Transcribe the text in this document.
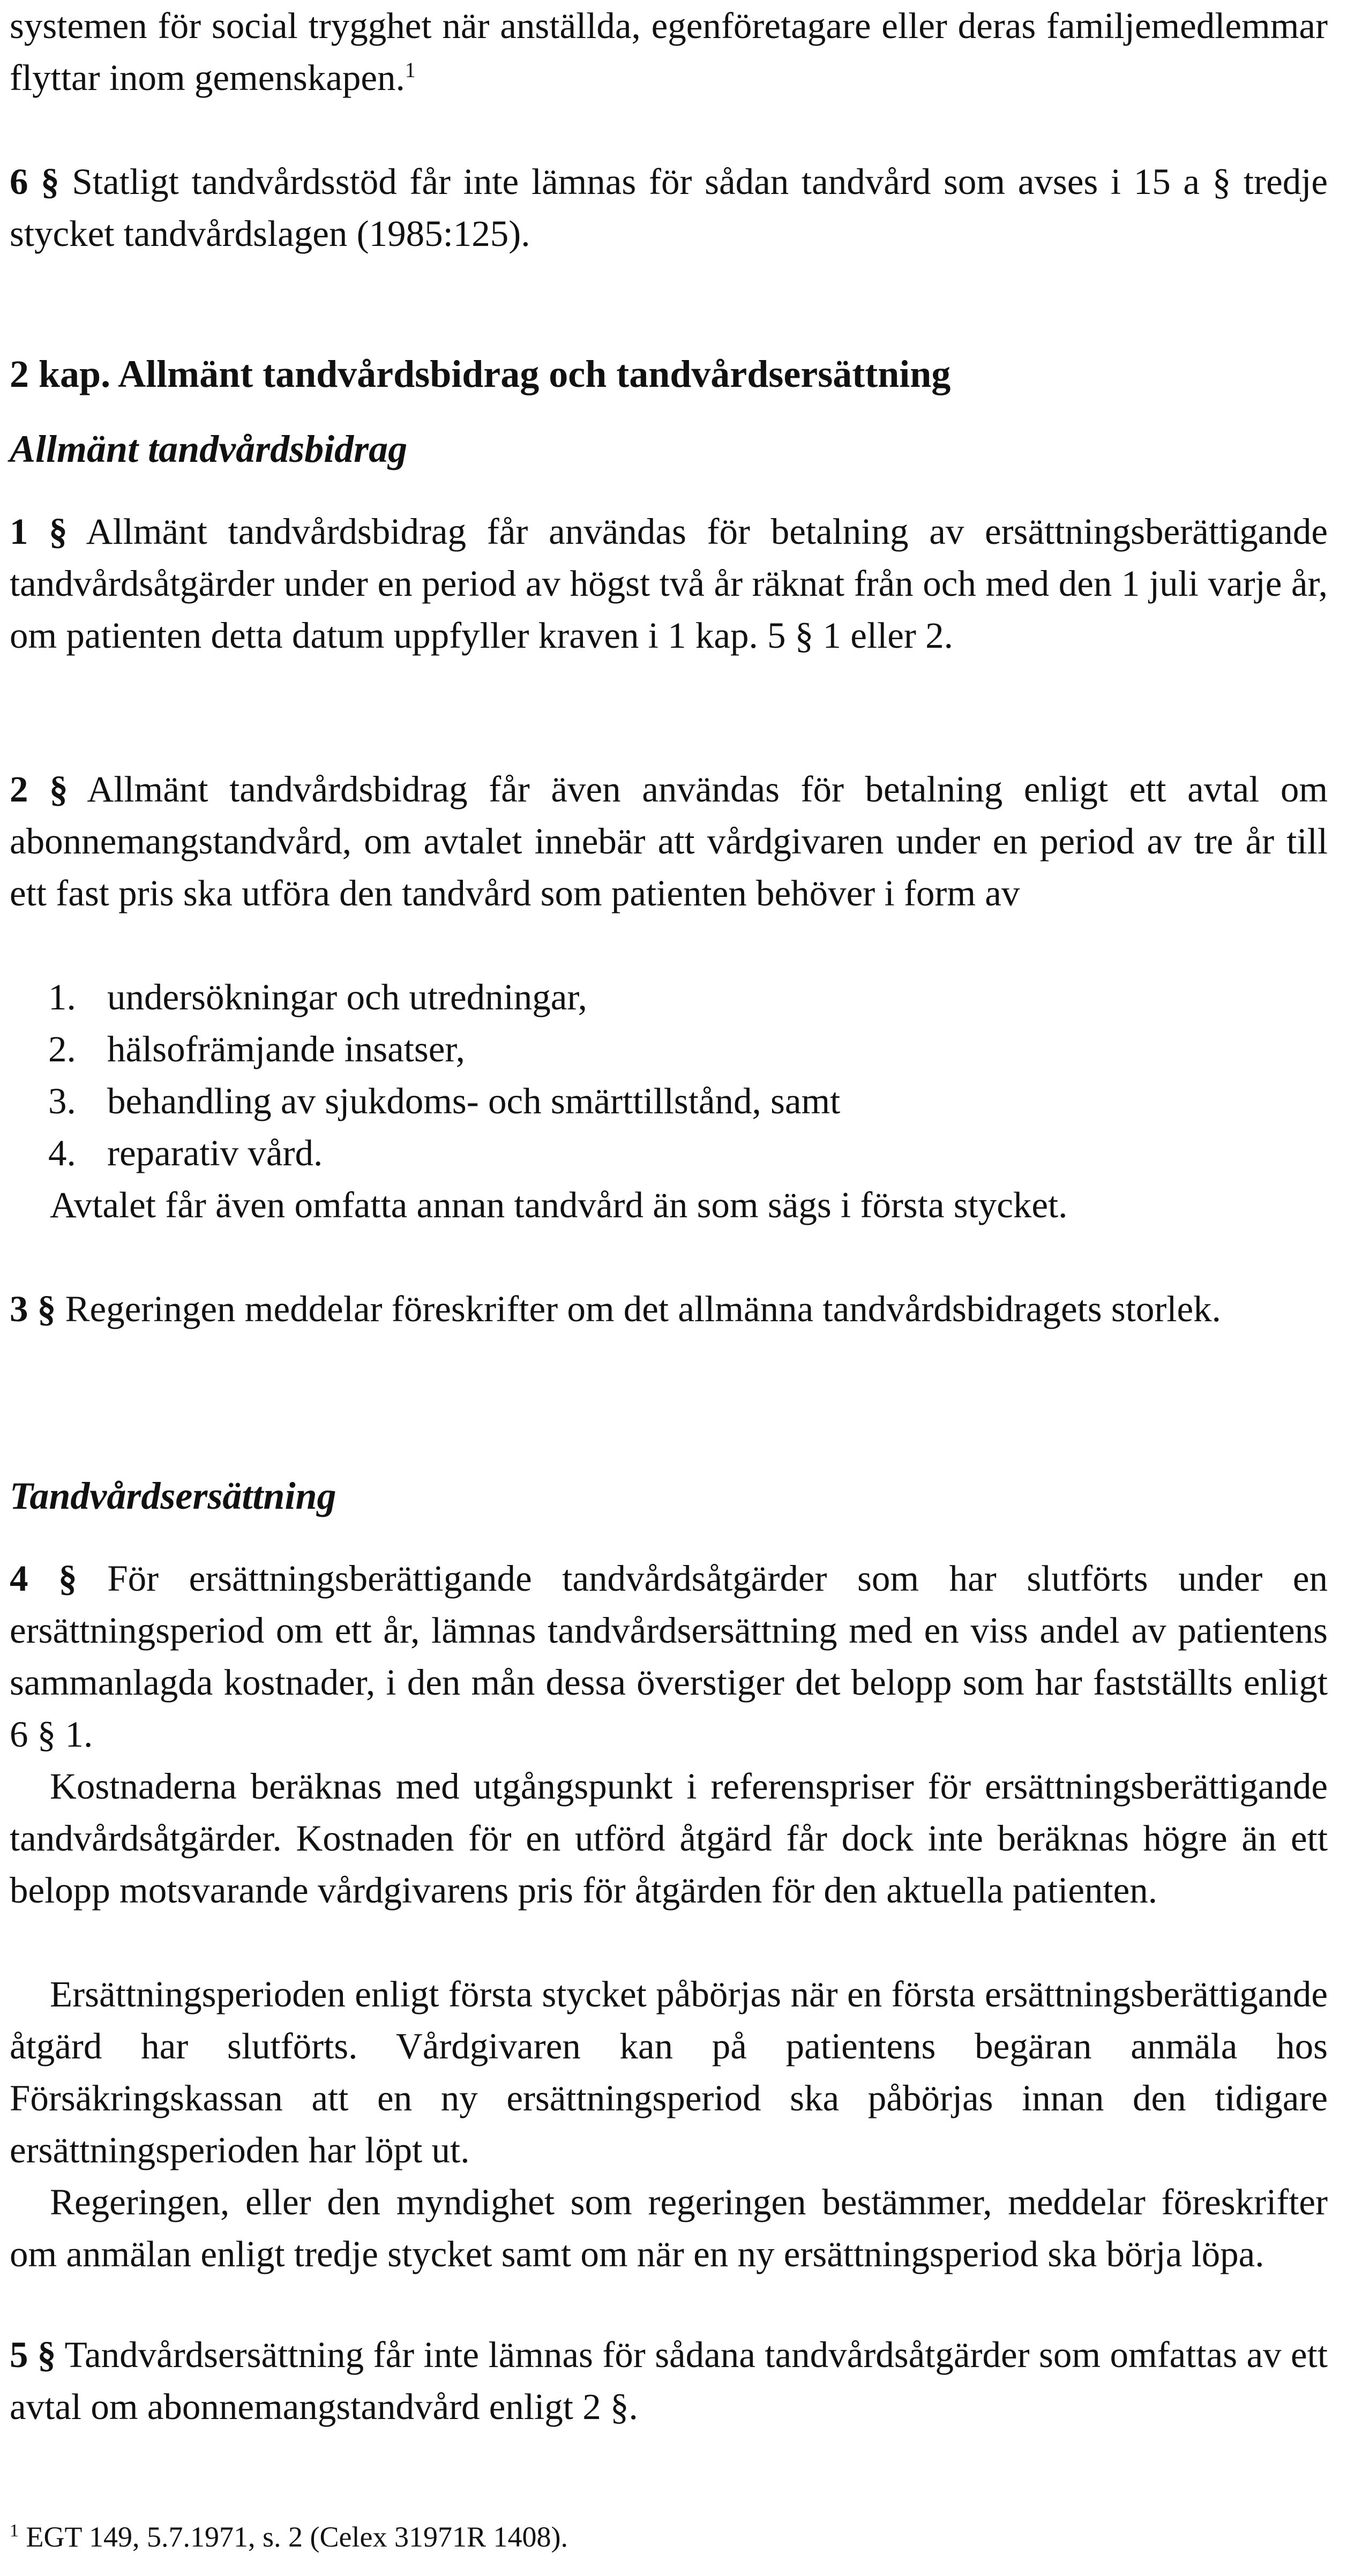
systemen för social trygghet när anställda, egenföretagare eller deras familjemedlemmar flyttar inom gemenskapen.$^1$

6 § Statligt tandvårdsstöd får inte lämnas för sådan tandvård som avses i 15 a § tredje stycket tandvårdslagen (1985:125).

2 kap. Allmänt tandvårdsbidrag och tandvårdsersättning
Allmänt tandvårdsbidrag

1 § Allmänt tandvårdsbidrag får användas för betalning av ersättningsberättigande tandvårdsåtgärder under en period av högst två år räknat från och med den 1 juli varje år, om patienten detta datum uppfyller kraven i 1 kap. 5 § 1 eller 2.

2 § Allmänt tandvårdsbidrag får även användas för betalning enligt ett avtal om abonnemangstandvård, om avtalet innebär att vårdgivaren under en period av tre år till ett fast pris ska utföra den tandvård som patienten behöver i form av

1. undersökningar och utredningar,
2. hälsofrämjande insatser,
3. behandling av sjukdoms- och smärttillstånd, samt
4. reparativ vård.

Avtalet får även omfatta annan tandvård än som sägs i första stycket.

3 § Regeringen meddelar föreskrifter om det allmänna tandvårdsbidragets storlek.

Tandvårdsersättning

4 § För ersättningsberättigande tandvårdsåtgärder som har slutförts under en ersättningsperiod om ett år, lämnas tandvårdsersättning med en viss andel av patientens sammanlagda kostnader, i den mån dessa överstiger det belopp som har fastställts enligt 6 § 1.

Kostnaderna beräknas med utgångspunkt i referenspriser för ersättningsberättigande tandvårdsåtgärder. Kostnaden för en utförd åtgärd får dock inte beräknas högre än ett belopp motsvarande vårdgivarens pris för åtgärden för den aktuella patienten.

Ersättningsperioden enligt första stycket påbörjas när en första ersättningsberättigande åtgärd har slutförts. Vårdgivaren kan på patientens begäran anmäla hos Försäkringskassan att en ny ersättningsperiod ska påbörjas innan den tidigare ersättningsperioden har löpt ut.

Regeringen, eller den myndighet som regeringen bestämmer, meddelar föreskrifter om anmälan enligt tredje stycket samt om när en ny ersättningsperiod ska börja löpa.

5 § Tandvårdsersättning får inte lämnas för sådana tandvårdsåtgärder som omfattas av ett avtal om abonnemangstandvård enligt 2 §.

$^1$ EGT 149, 5.7.1971, s. 2 (Celex 31971R 1408).
